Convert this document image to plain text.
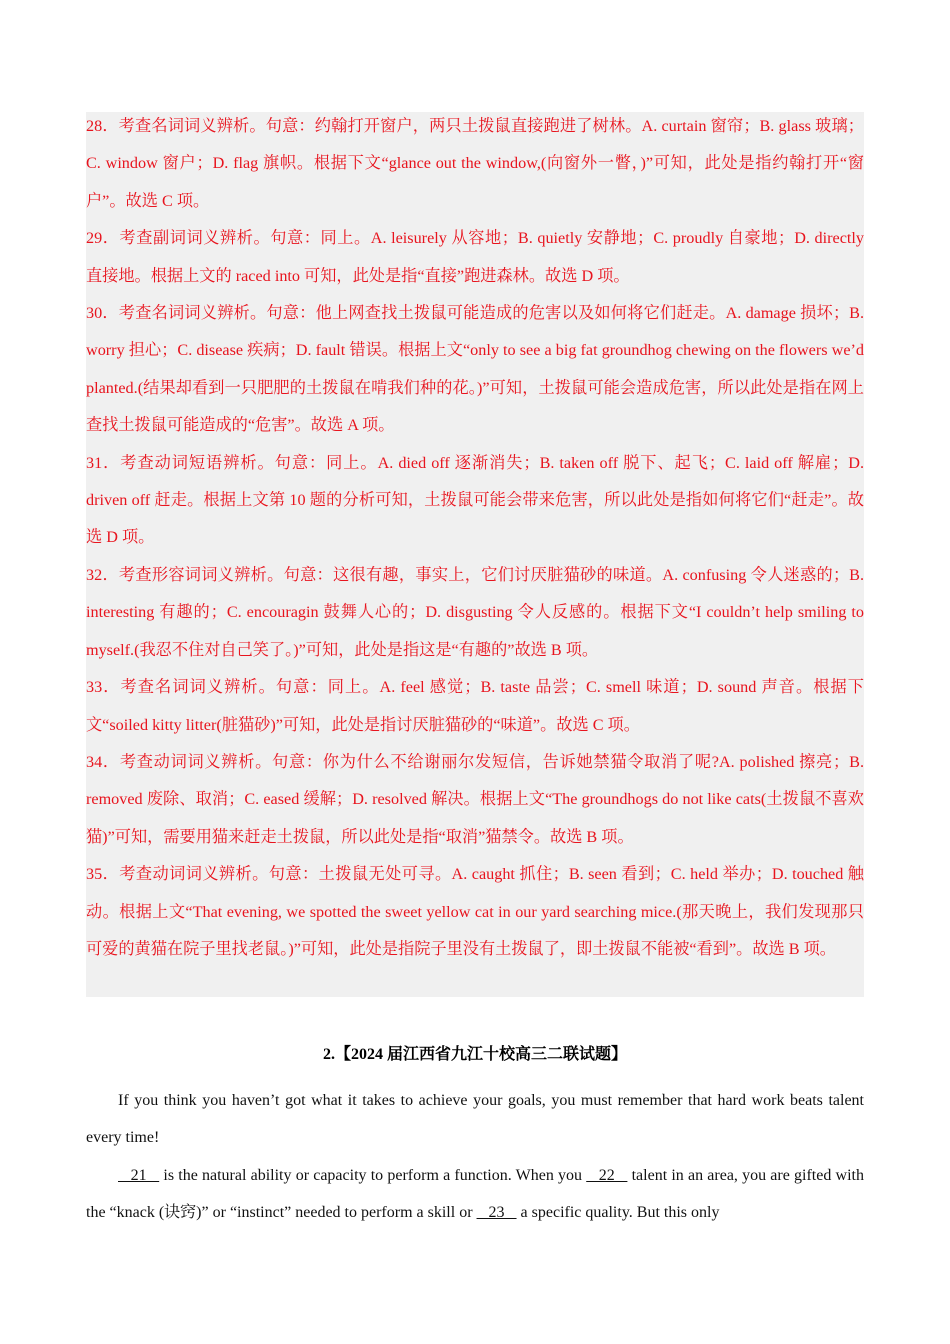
28．考查名词词义辨析。句意：约翰打开窗户，两只土拨鼠直接跑进了树林。A. curtain 窗帘；B. glass 玻璃；C. window 窗户；D. flag 旗帜。根据下文“glance out the window,(向窗外一瞥，)”可知，此处是指约翰打开“窗户”。故选 C 项。

29．考查副词词义辨析。句意：同上。A. leisurely 从容地；B. quietly 安静地；C. proudly 自豪地；D. directly 直接地。根据上文的 raced into 可知，此处是指“直接”跑进森林。故选 D 项。

30．考查名词词义辨析。句意：他上网查找土拨鼠可能造成的危害以及如何将它们赶走。A. damage 损坏；B. worry 担心；C. disease 疾病；D. fault 错误。根据上文“only to see a big fat groundhog chewing on the flowers we’d planted.(结果却看到一只肥肥的土拨鼠在啃我们种的花。)”可知，土拨鼠可能会造成危害，所以此处是指在网上查找土拨鼠可能造成的“危害”。故选 A 项。

31．考查动词短语辨析。句意：同上。A. died off 逐渐消失；B. taken off 脱下、起飞；C. laid off 解雇；D. driven off 赶走。根据上文第 10 题的分析可知，土拨鼠可能会带来危害，所以此处是指如何将它们“赶走”。故选 D 项。

32．考查形容词词义辨析。句意：这很有趣，事实上，它们讨厌脏猫砂的味道。A. confusing 令人迷惑的；B. interesting 有趣的；C. encouragin 鼓舞人心的；D. disgusting 令人反感的。根据下文“I couldn’t help smiling to myself.(我忍不住对自己笑了。)”可知，此处是指这是“有趣的”故选 B 项。

33．考查名词词义辨析。句意：同上。A. feel 感觉；B. taste 品尝；C. smell 味道；D. sound 声音。根据下文“soiled kitty litter(脏猫砂)”可知，此处是指讨厌脏猫砂的“味道”。故选 C 项。

34．考查动词词义辨析。句意：你为什么不给谢丽尔发短信，告诉她禁猫令取消了呢?A. polished 擦亮；B. removed 废除、取消；C. eased 缓解；D. resolved 解决。根据上文“The groundhogs do not like cats(土拨鼠不喜欢猫)”可知，需要用猫来赶走土拨鼠，所以此处是指“取消”猫禁令。故选 B 项。

35．考查动词词义辨析。句意：土拨鼠无处可寻。A. caught 抓住；B. seen 看到；C. held 举办；D. touched 触动。根据上文“That evening, we spotted the sweet yellow cat in our yard searching mice.(那天晚上，我们发现那只可爱的黄猫在院子里找老鼠。)”可知，此处是指院子里没有土拨鼠了，即土拨鼠不能被“看到”。故选 B 项。

2.【2024 届江西省九江十校高三二联试题】

If you think you haven’t got what it takes to achieve your goals, you must remember that hard work beats talent every time!

21    is the natural ability or capacity to perform a function. When you    22    talent in an area, you are gifted with the “knack (诀窍)” or “instinct” needed to perform a skill or    23    a specific quality. But this only
